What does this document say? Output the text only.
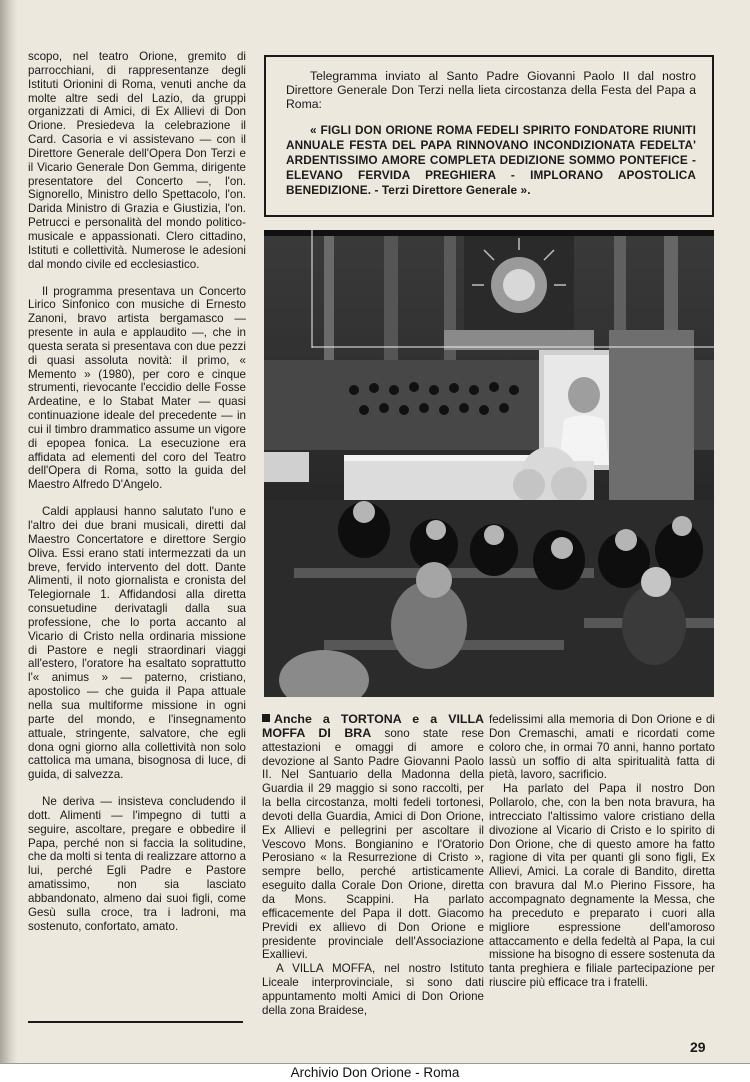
scopo, nel teatro Orione, gremito di parrocchiani, di rappresentanze degli Istituti Orionini di Roma, venuti anche da molte altre sedi del Lazio, da gruppi organizzati di Amici, di Ex Allievi di Don Orione. Presiedeva la celebrazione il Card. Casoria e vi assistevano — con il Direttore Generale dell'Opera Don Terzi e il Vicario Generale Don Gemma, dirigente presentatore del Concerto —, l'on. Signorello, Ministro dello Spettacolo, l'on. Darida Ministro di Grazia e Giustizia, l'on. Petrucci e personalità del mondo politico-musicale e appassionati. Clero cittadino, Istituti e collettività. Numerose le adesioni dal mondo civile ed ecclesiastico.

Il programma presentava un Concerto Lirico Sinfonico con musiche di Ernesto Zanoni, bravo artista bergamasco — presente in aula e applaudito —, che in questa serata si presentava con due pezzi di quasi assoluta novità: il primo, « Memento » (1980), per coro e cinque strumenti, rievocante l'eccidio delle Fosse Ardeatine, e lo Stabat Mater — quasi continuazione ideale del precedente — in cui il timbro drammatico assume un vigore di epopea fonica. La esecuzione era affidata ad elementi del coro del Teatro dell'Opera di Roma, sotto la guida del Maestro Alfredo D'Angelo.

Caldi applausi hanno salutato l'uno e l'altro dei due brani musicali, diretti dal Maestro Concertatore e direttore Sergio Oliva. Essi erano stati intermezzati da un breve, fervido intervento del dott. Dante Alimenti, il noto giornalista e cronista del Telegiornale 1. Affidandosi alla diretta consuetudine derivatagli dalla sua professione, che lo porta accanto al Vicario di Cristo nella ordinaria missione di Pastore e negli straordinari viaggi all'estero, l'oratore ha esaltato soprattutto l'« animus » — paterno, cristiano, apostolico — che guida il Papa attuale nella sua multiforme missione in ogni parte del mondo, e l'insegnamento attuale, stringente, salvatore, che egli dona ogni giorno alla collettività non solo cattolica ma umana, bisognosa di luce, di guida, di salvezza.

Ne deriva — insisteva concludendo il dott. Alimenti — l'impegno di tutti a seguire, ascoltare, pregare e obbedire il Papa, perché non si faccia la solitudine, che da molti si tenta di realizzare attorno a lui, perché Egli Padre e Pastore amatissimo, non sia lasciato abbandonato, almeno dai suoi figli, come Gesù sulla croce, tra i ladroni, ma sostenuto, confortato, amato.

Telegramma inviato al Santo Padre Giovanni Paolo II dal nostro Direttore Generale Don Terzi nella lieta circostanza della Festa del Papa a Roma:

« FIGLI DON ORIONE ROMA FEDELI SPIRITO FONDATORE RIUNITI ANNUALE FESTA DEL PAPA RINNOVANO INCONDIZIONATA FEDELTA' ARDENTISSIMO AMORE COMPLETA DEDIZIONE SOMMO PONTEFICE - ELEVANO FERVIDA PREGHIERA - IMPLORANO APOSTOLICA BENEDIZIONE. - Terzi Direttore Generale ».

Anche a TORTONA e a VILLA MOFFA DI BRA sono state rese attestazioni e omaggi di amore e devozione al Santo Padre Giovanni Paolo II. Nel Santuario della Madonna della Guardia il 29 maggio si sono raccolti, per la bella circostanza, molti fedeli tortonesi, devoti della Guardia, Amici di Don Orione, Ex Allievi e pellegrini per ascoltare il Vescovo Mons. Bongianino e l'Oratorio Perosiano « la Resurrezione di Cristo », sempre bello, perché artisticamente eseguito dalla Corale Don Orione, diretta da Mons. Scappini. Ha parlato efficacemente del Papa il dott. Giacomo Previdi ex allievo di Don Orione e presidente provinciale dell'Associazione Exallievi.

A VILLA MOFFA, nel nostro Istituto Liceale interprovinciale, si sono dati appuntamento molti Amici di Don Orione della zona Braidese,

fedelissimi alla memoria di Don Orione e di Don Cremaschi, amati e ricordati come coloro che, in ormai 70 anni, hanno portato lassù un soffio di alta spiritualità fatta di pietà, lavoro, sacrificio.

Ha parlato del Papa il nostro Don Pollarolo, che, con la ben nota bravura, ha intrecciato l'altissimo valore cristiano della divozione al Vicario di Cristo e lo spirito di Don Orione, che di questo amore ha fatto ragione di vita per quanti gli sono figli, Ex Allievi, Amici. La corale di Bandito, diretta con bravura dal M.o Pierino Fissore, ha accompagnato degnamente la Messa, che ha preceduto e preparato i cuori alla migliore espressione dell'amoroso attaccamento e della fedeltà al Papa, la cui missione ha bisogno di essere sostenuta da tanta preghiera e filiale partecipazione per riuscire più efficace tra i fratelli.

29
Archivio Don Orione - Roma
